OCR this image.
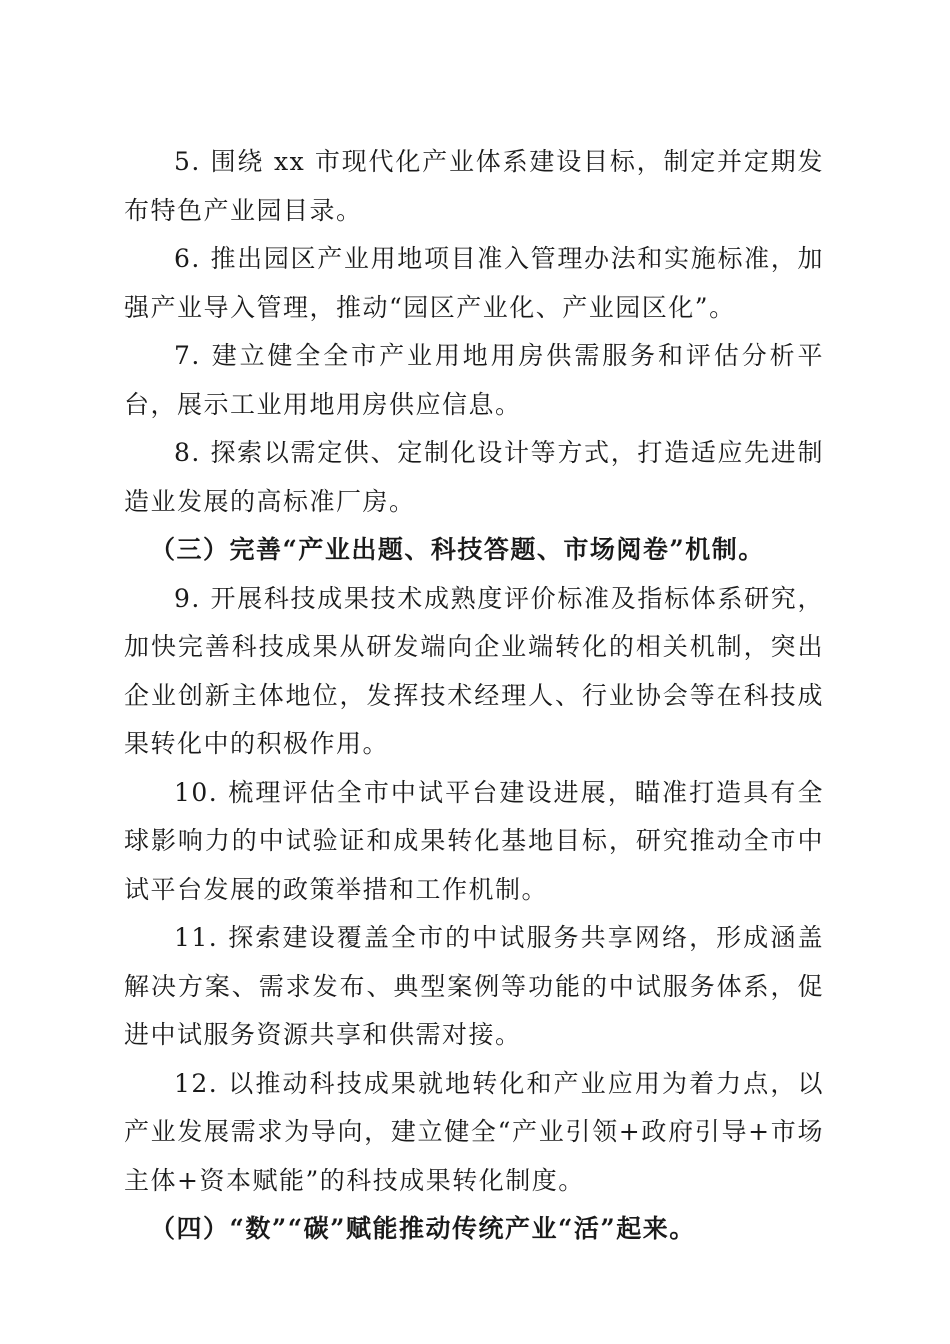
5. 围绕 xx 市现代化产业体系建设目标，制定并定期发布特色产业园目录。

6. 推出园区产业用地项目准入管理办法和实施标准，加强产业导入管理，推动“园区产业化、产业园区化”。

7. 建立健全全市产业用地用房供需服务和评估分析平台，展示工业用地用房供应信息。

8. 探索以需定供、定制化设计等方式，打造适应先进制造业发展的高标准厂房。

（三）完善“产业出题、科技答题、市场阅卷”机制。

9. 开展科技成果技术成熟度评价标准及指标体系研究，加快完善科技成果从研发端向企业端转化的相关机制，突出企业创新主体地位，发挥技术经理人、行业协会等在科技成果转化中的积极作用。

10. 梳理评估全市中试平台建设进展，瞄准打造具有全球影响力的中试验证和成果转化基地目标，研究推动全市中试平台发展的政策举措和工作机制。

11. 探索建设覆盖全市的中试服务共享网络，形成涵盖解决方案、需求发布、典型案例等功能的中试服务体系，促进中试服务资源共享和供需对接。

12. 以推动科技成果就地转化和产业应用为着力点，以产业发展需求为导向，建立健全“产业引领+政府引导+市场主体+资本赋能”的科技成果转化制度。

（四）“数”“碳”赋能推动传统产业“活”起来。
